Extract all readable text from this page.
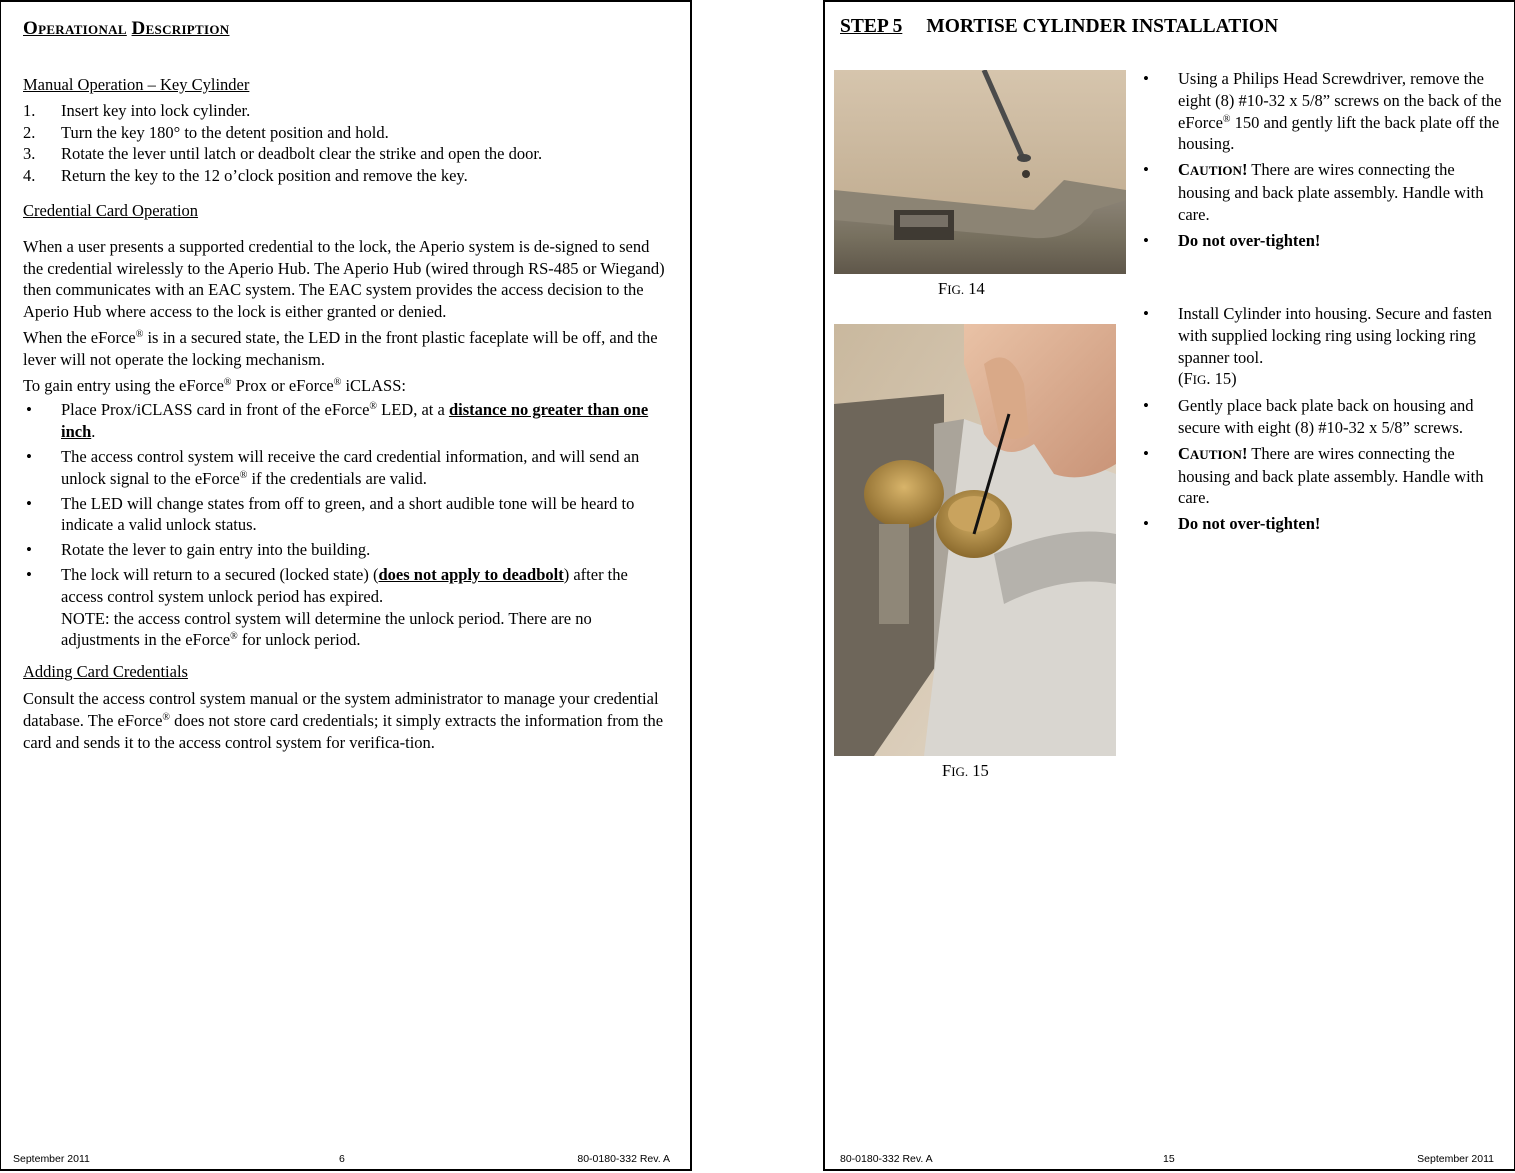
Operational Description
Manual Operation – Key Cylinder
1. Insert key into lock cylinder.
2. Turn the key 180° to the detent position and hold.
3. Rotate the lever until latch or deadbolt clear the strike and open the door.
4. Return the key to the 12 o’clock position and remove the key.
Credential Card Operation

When a user presents a supported credential to the lock, the Aperio system is de-signed to send the credential wirelessly to the Aperio Hub. The Aperio Hub (wired through RS-485 or Wiegand) then communicates with an EAC system. The EAC system provides the access decision to the Aperio Hub where access to the lock is either granted or denied.

When the eForce® is in a secured state, the LED in the front plastic faceplate will be off, and the lever will not operate the locking mechanism.

To gain entry using the eForce® Prox or eForce® iCLASS:

• Place Prox/iCLASS card in front of the eForce® LED, at a distance no greater than one inch.
• The access control system will receive the card credential information, and will send an unlock signal to the eForce® if the credentials are valid.
• The LED will change states from off to green, and a short audible tone will be heard to indicate a valid unlock status.
• Rotate the lever to gain entry into the building.
• The lock will return to a secured (locked state) (does not apply to deadbolt) after the access control system unlock period has expired.
NOTE: the access control system will determine the unlock period. There are no adjustments in the eForce® for unlock period.
Adding Card Credentials

Consult the access control system manual or the system administrator to manage your credential database. The eForce® does not store card credentials; it simply extracts the information from the card and sends it to the access control system for verifica-tion.

September 2011	6	80-0180-332 Rev. A
STEP 5 MORTISE CYLINDER INSTALLATION
FIG. 14
FIG. 15
• Using a Philips Head Screwdriver, remove the eight (8) #10-32 x 5/8” screws on the back of the eForce® 150 and gently lift the back plate off the housing.
• CAUTION! There are wires connecting the housing and back plate assembly. Handle with care.
• Do not over-tighten!
• Install Cylinder into housing. Secure and fasten with supplied locking ring using locking ring spanner tool.
(FIG. 15)
• Gently place back plate back on housing and secure with eight (8) #10-32 x 5/8” screws.
• CAUTION! There are wires connecting the housing and back plate assembly. Handle with care.
• Do not over-tighten!
80-0180-332 Rev. A	15	September 2011
